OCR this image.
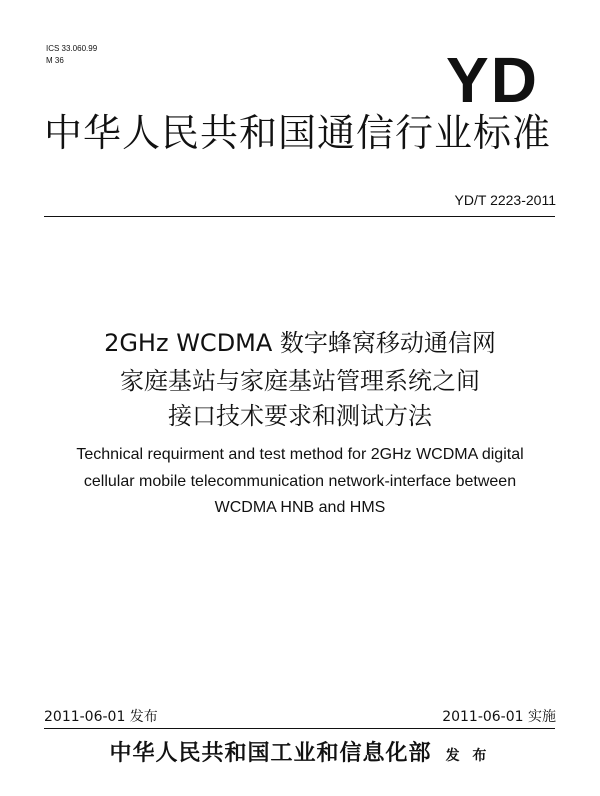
ICS 33.060.99
M 36	YD
中华人民共和国通信行业标准
YD/T 2223-2011
2GHz WCDMA 数字蜂窝移动通信网
家庭基站与家庭基站管理系统之间
接口技术要求和测试方法
Technical requirment and test method for 2GHz WCDMA digital
cellular mobile telecommunication network-interface between
WCDMA HNB and HMS
2011-06-01 发布	2011-06-01 实施
中华人民共和国工业和信息化部 发 布
